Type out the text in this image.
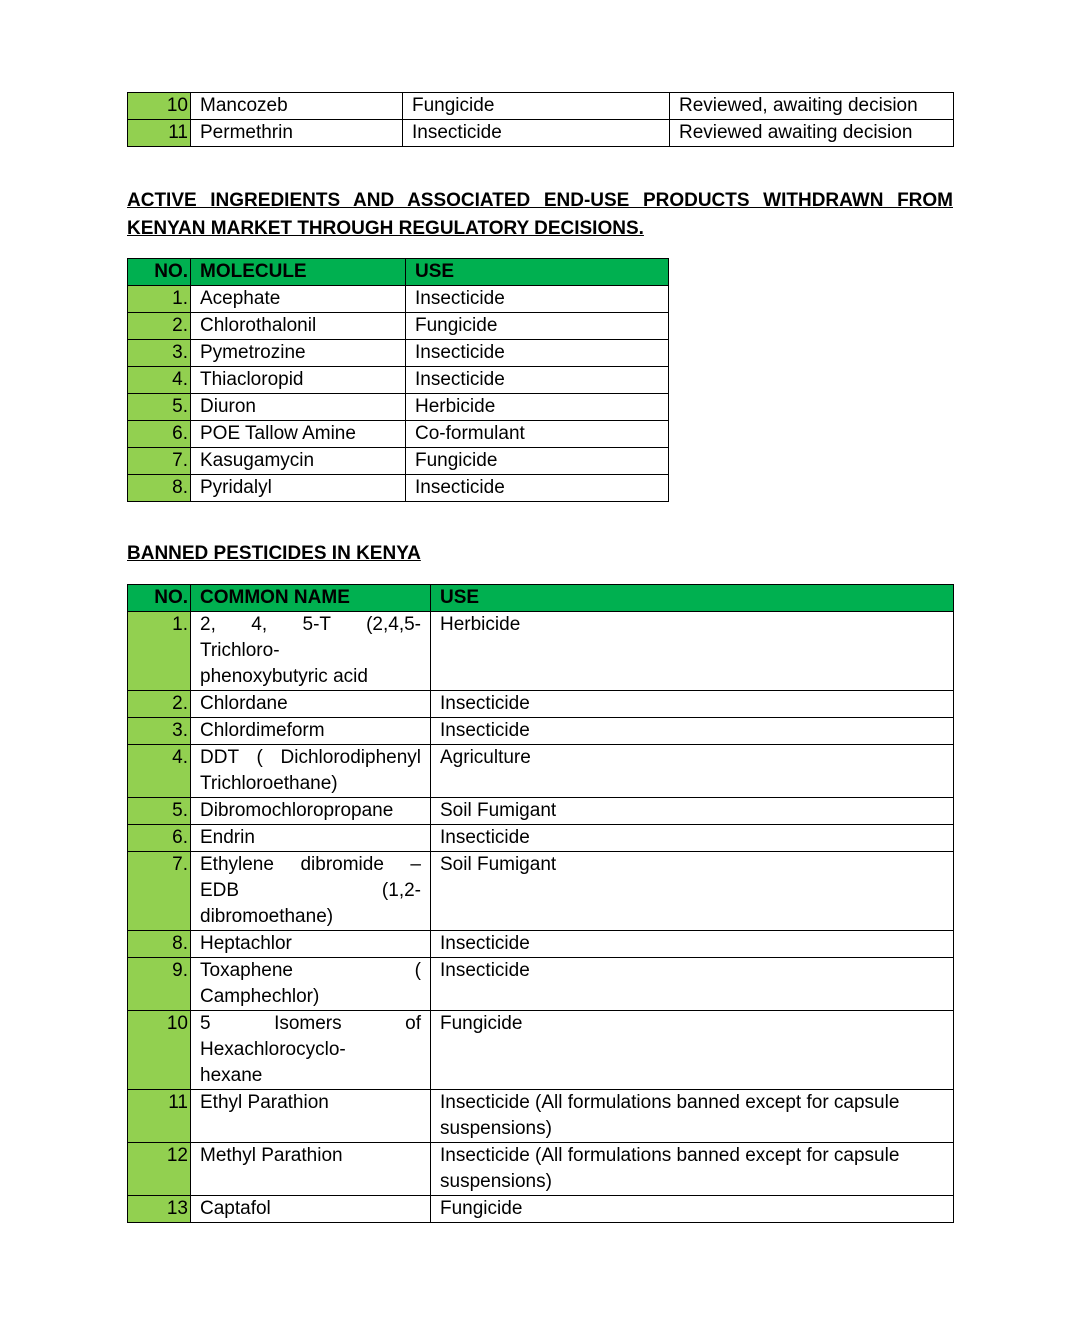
10	Mancozeb	Fungicide	Reviewed, awaiting decision
11	Permethrin	Insecticide	Reviewed awaiting decision

ACTIVE INGREDIENTS AND ASSOCIATED END-USE PRODUCTS WITHDRAWN FROM KENYAN MARKET THROUGH REGULATORY DECISIONS.

NO.	MOLECULE	USE
1.	Acephate	Insecticide
2.	Chlorothalonil	Fungicide
3.	Pymetrozine	Insecticide
4.	Thiacloropid	Insecticide
5.	Diuron	Herbicide
6.	POE Tallow Amine	Co-formulant
7.	Kasugamycin	Fungicide
8.	Pyridalyl	Insecticide

BANNED PESTICIDES IN KENYA

NO.	COMMON NAME	USE
1.	2, 4, 5-T (2,4,5-
Trichloro-
phenoxybutyric acid	Herbicide
2.	Chlordane	Insecticide
3.	Chlordimeform	Insecticide
4.	DDT ( Dichlorodiphenyl
Trichloroethane)	Agriculture
5.	Dibromochloropropane	Soil Fumigant
6.	Endrin	Insecticide
7.	Ethylene dibromide –
EDB (1,2-
dibromoethane)	Soil Fumigant
8.	Heptachlor	Insecticide
9.	Toxaphene (
Camphechlor)	Insecticide
10	5 Isomers of
Hexachlorocyclo-
hexane	Fungicide
11	Ethyl Parathion	Insecticide (All formulations banned except for capsule suspensions)
12	Methyl Parathion	Insecticide (All formulations banned except for capsule suspensions)
13	Captafol	Fungicide
